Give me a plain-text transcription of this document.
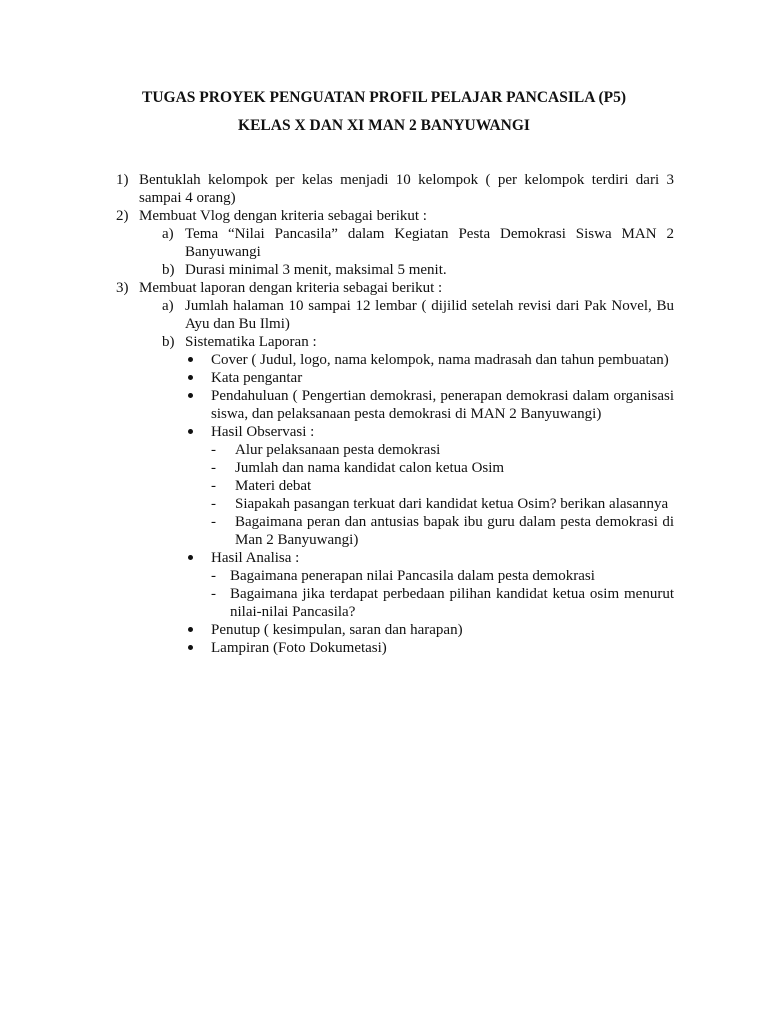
TUGAS PROYEK PENGUATAN PROFIL PELAJAR PANCASILA (P5)
KELAS X DAN XI MAN 2 BANYUWANGI
1) Bentuklah kelompok per kelas menjadi 10 kelompok ( per kelompok terdiri dari 3 sampai 4 orang)
2) Membuat Vlog dengan kriteria sebagai berikut :
a) Tema “Nilai Pancasila” dalam Kegiatan Pesta Demokrasi Siswa MAN 2 Banyuwangi
b) Durasi minimal 3 menit, maksimal 5 menit.
3) Membuat laporan dengan kriteria sebagai berikut :
a) Jumlah halaman 10 sampai 12 lembar ( dijilid setelah revisi dari Pak Novel, Bu Ayu dan Bu Ilmi)
b) Sistematika Laporan :
Cover ( Judul, logo, nama kelompok, nama madrasah dan tahun pembuatan)
Kata pengantar
Pendahuluan ( Pengertian demokrasi, penerapan demokrasi dalam organisasi siswa, dan pelaksanaan pesta demokrasi di MAN 2 Banyuwangi)
Hasil Observasi :
-	Alur pelaksanaan pesta demokrasi
-	Jumlah dan nama kandidat calon ketua Osim
-	Materi debat
-	Siapakah pasangan terkuat dari kandidat ketua Osim? berikan alasannya
-	Bagaimana peran dan antusias bapak ibu guru dalam pesta demokrasi di Man 2 Banyuwangi)
Hasil Analisa :
- Bagaimana penerapan nilai Pancasila dalam pesta demokrasi
- Bagaimana jika terdapat perbedaan pilihan kandidat ketua osim menurut nilai-nilai Pancasila?
Penutup ( kesimpulan, saran dan harapan)
Lampiran (Foto Dokumetasi)
